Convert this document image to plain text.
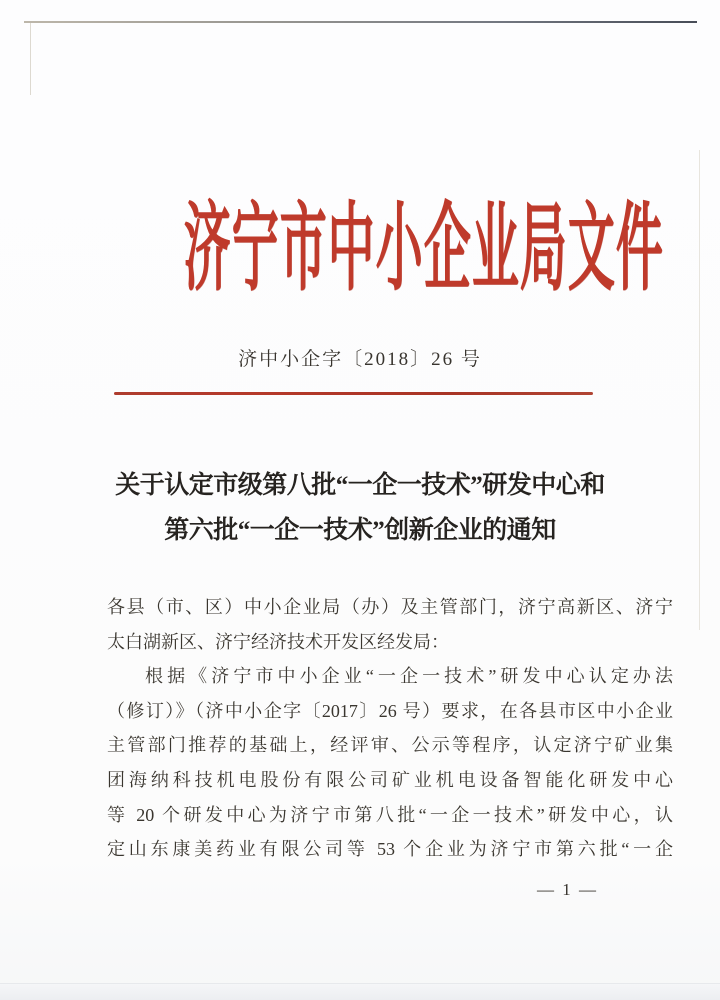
济宁市中小企业局文件
济中小企字〔2018〕26 号
关于认定市级第八批“一企一技术”研发中心和
第六批“一企一技术”创新企业的通知
各县（市、区）中小企业局（办）及主管部门，济宁高新区、济宁
太白湖新区、济宁经济技术开发区经发局：
根据《济宁市中小企业“一企一技术”研发中心认定办法
（修订）》（济中小企字〔2017〕26 号）要求，在各县市区中小企业
主管部门推荐的基础上，经评审、公示等程序，认定济宁矿业集
团海纳科技机电股份有限公司矿业机电设备智能化研发中心
等 20 个研发中心为济宁市第八批“一企一技术”研发中心，认
定山东康美药业有限公司等 53 个企业为济宁市第六批“一企
— 1 —
